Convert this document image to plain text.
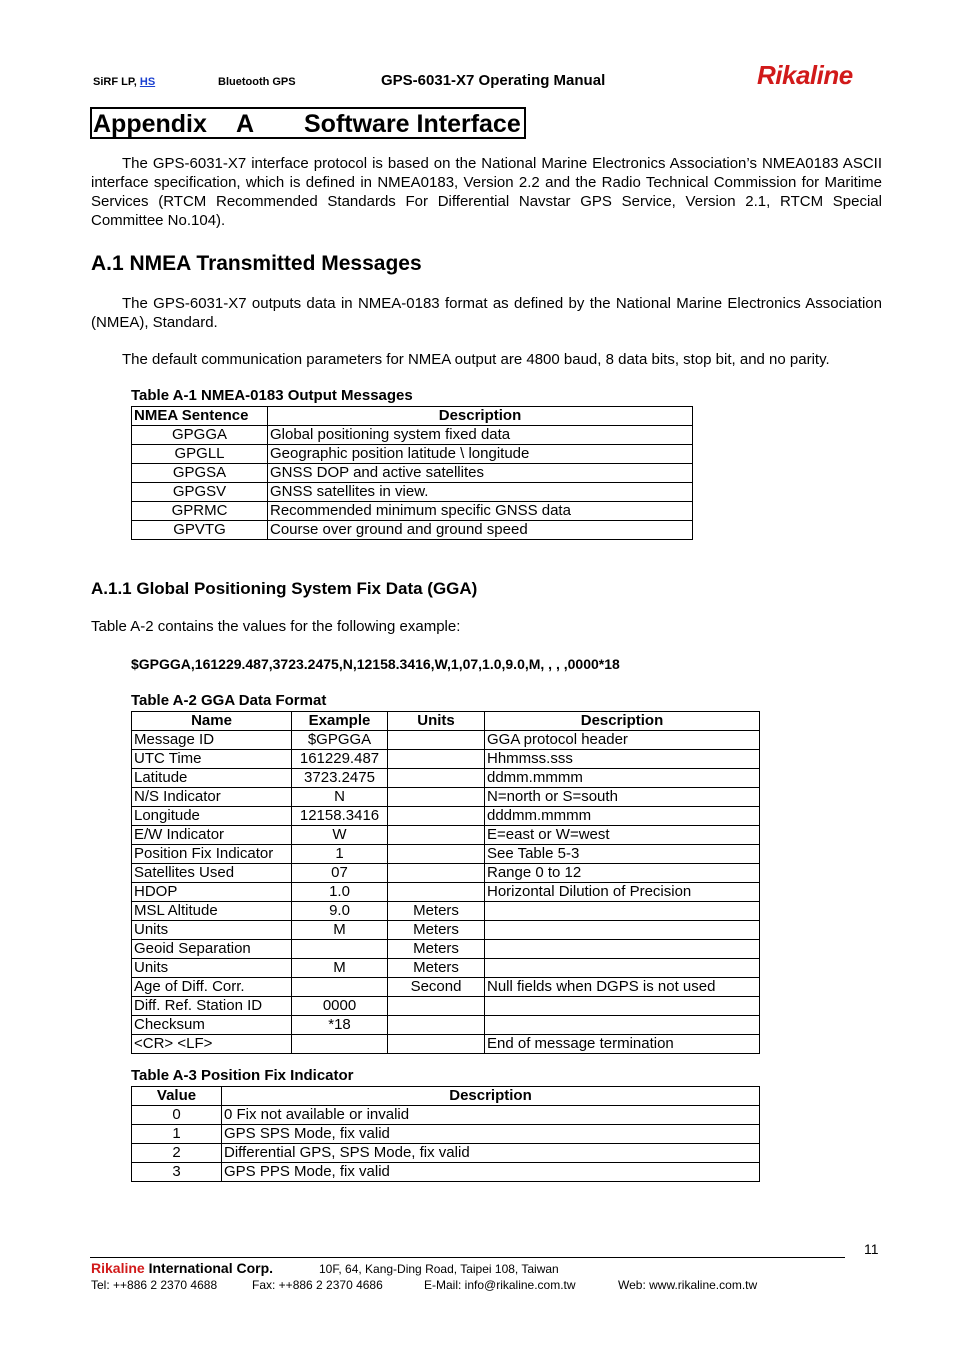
SiRF LP, HS	Bluetooth GPS	GPS-6031-X7 Operating Manual	Rikaline
Appendix A Software Interface

The GPS-6031-X7 interface protocol is based on the National Marine Electronics Association’s NMEA0183 ASCII interface specification, which is defined in NMEA0183, Version 2.2 and the Radio Technical Commission for Maritime Services (RTCM Recommended Standards For Differential Navstar GPS Service, Version 2.1, RTCM Special Committee No.104).

A.1 NMEA Transmitted Messages

The GPS-6031-X7 outputs data in NMEA-0183 format as defined by the National Marine Electronics Association (NMEA), Standard.

The default communication parameters for NMEA output are 4800 baud, 8 data bits, stop bit, and no parity.

Table A-1 NMEA-0183 Output Messages
NMEA Sentence	Description
GPGGA	Global positioning system fixed data
GPGLL	Geographic position latitude \ longitude
GPGSA	GNSS DOP and active satellites
GPGSV	GNSS satellites in view.
GPRMC	Recommended minimum specific GNSS data
GPVTG	Course over ground and ground speed
A.1.1 Global Positioning System Fix Data (GGA)
Table A-2 contains the values for the following example:
$GPGGA,161229.487,3723.2475,N,12158.3416,W,1,07,1.0,9.0,M, , , ,0000*18
Table A-2 GGA Data Format
Name	Example	Units	Description
Message ID	$GPGGA		GGA protocol header
UTC Time	161229.487		Hhmmss.sss
Latitude	3723.2475		ddmm.mmmm
N/S Indicator	N		N=north or S=south
Longitude	12158.3416		dddmm.mmmm
E/W Indicator	W		E=east or W=west
Position Fix Indicator	1		See Table 5-3
Satellites Used	07		Range 0 to 12
HDOP	1.0		Horizontal Dilution of Precision
MSL Altitude	9.0	Meters	
Units	M	Meters	
Geoid Separation		Meters	
Units	M	Meters	
Age of Diff. Corr.		Second	Null fields when DGPS is not used
Diff. Ref. Station ID	0000		
Checksum	*18		
<CR> <LF>			End of message termination
Table A-3 Position Fix Indicator
Value	Description
0	0 Fix not available or invalid
1	GPS SPS Mode, fix valid
2	Differential GPS, SPS Mode, fix valid
3	GPS PPS Mode, fix valid
11
Rikaline International Corp.	10F, 64, Kang-Ding Road, Taipei 108, Taiwan
Tel: ++886 2 2370 4688	Fax: ++886 2 2370 4686	E-Mail: info@rikaline.com.tw	Web: www.rikaline.com.tw
